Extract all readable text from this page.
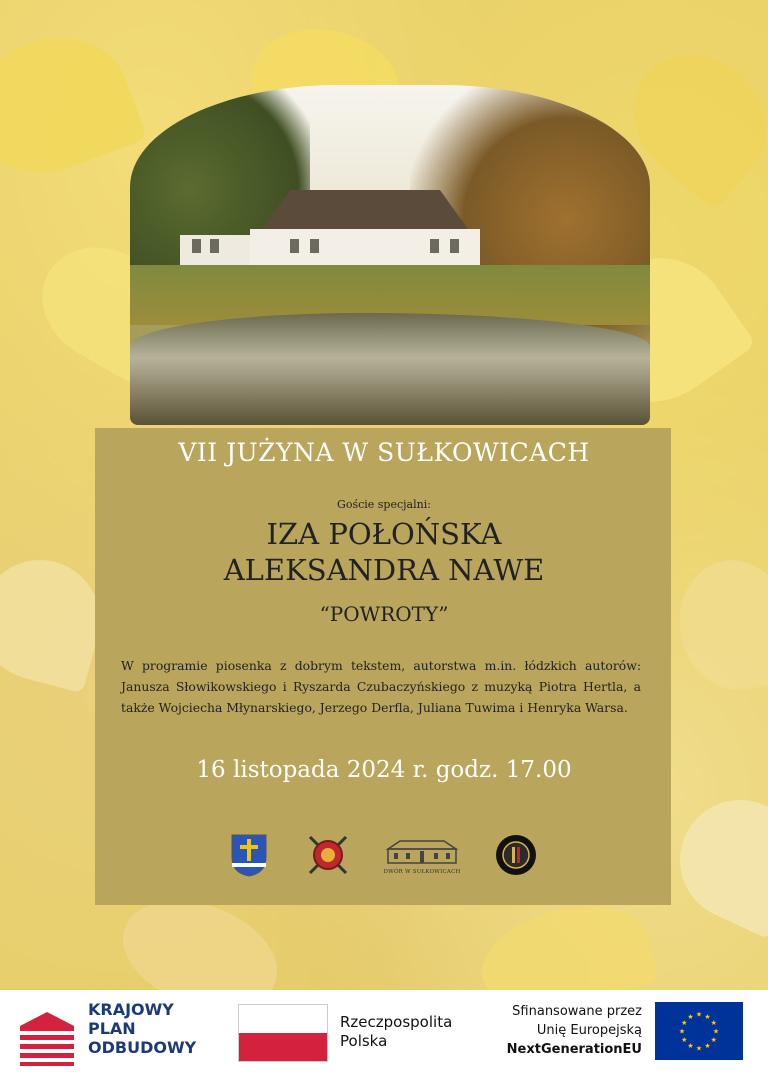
VII JUŻYNA W SUŁKOWICACH
Goście specjalni:
IZA POŁOŃSKA
ALEKSANDRA NAWE
“POWROTY”
W programie piosenka z dobrym tekstem, autorstwa m.in. łódzkich autorów: Janusza Słowikowskiego i Ryszarda Czubaczyńskiego z muzyką Piotra Hertla, a także Wojciecha Młynarskiego, Jerzego Derfla, Juliana Tuwima i Henryka Warsa.
16 listopada 2024 r. godz. 17.00
DWÓR W SUŁKOWICACH
KRAJOWY
PLAN
ODBUDOWY
Rzeczpospolita
Polska
Sfinansowane przez
Unię Europejską
NextGenerationEU
★ ★
★
★
★
★
★
★
★
★
★
★
